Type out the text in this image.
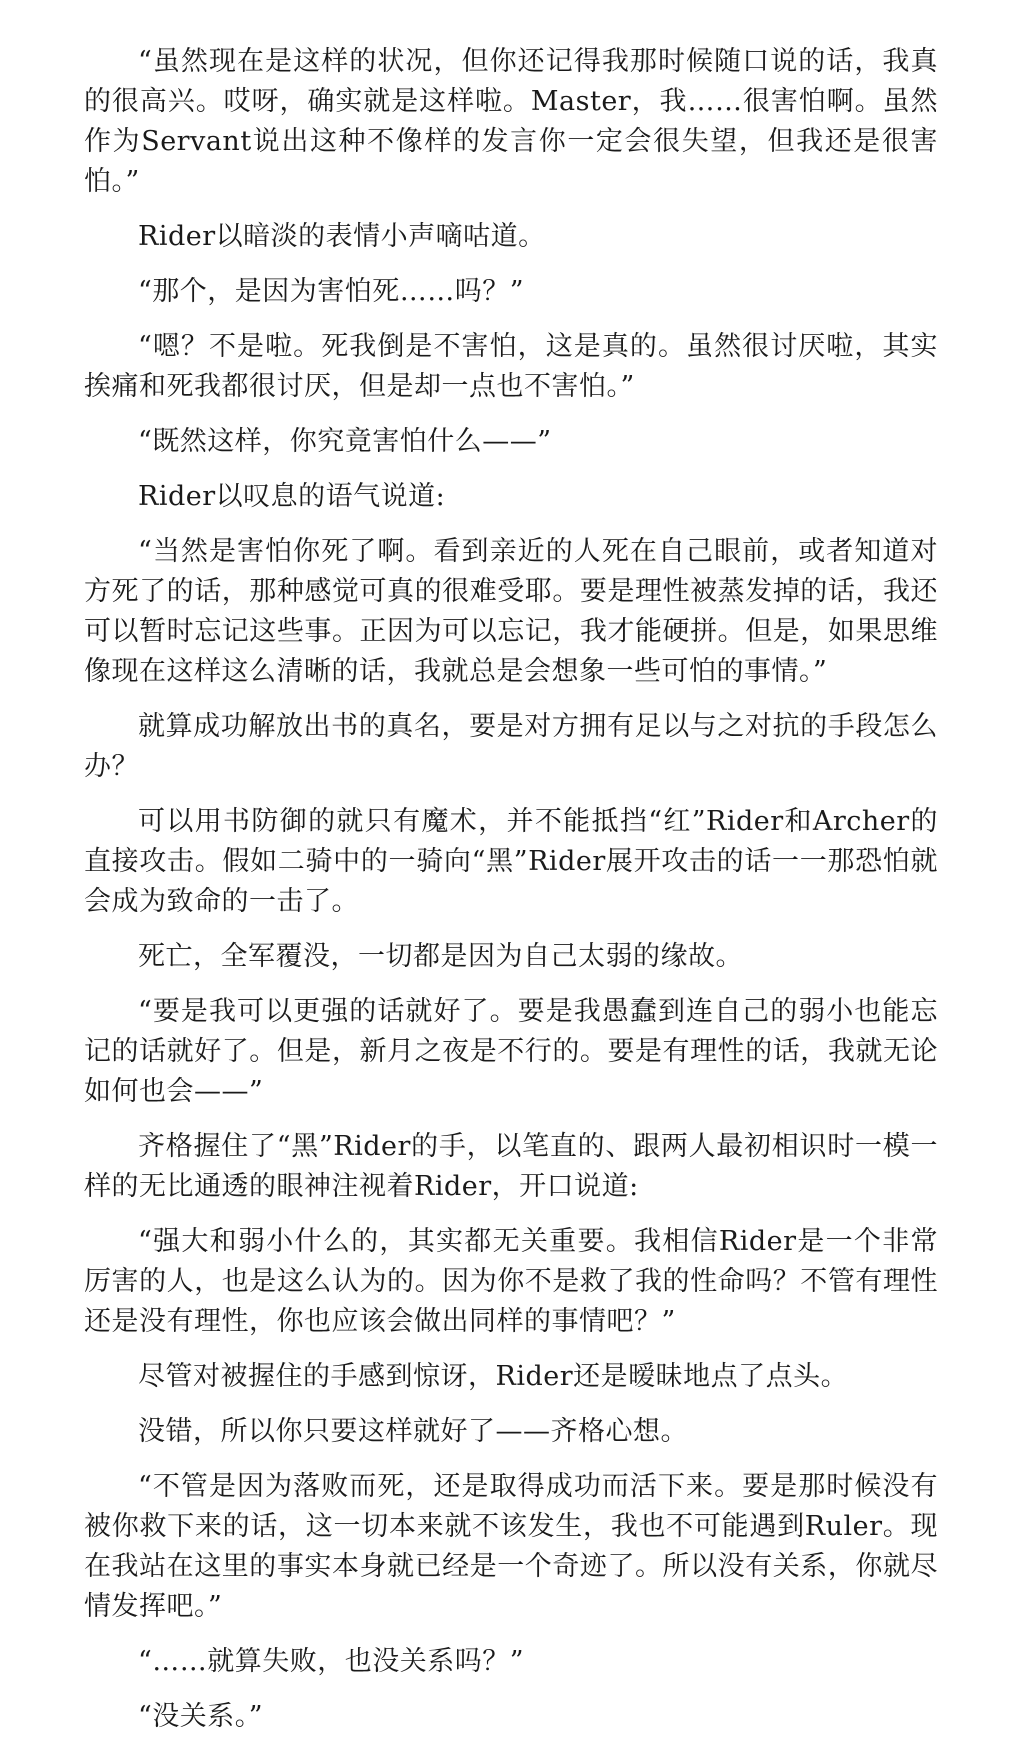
“虽然现在是这样的状况，但你还记得我那时候随口说的话，我真的很高兴。哎呀，确实就是这样啦。Master，我……很害怕啊。虽然作为Servant说出这种不像样的发言你一定会很失望，但我还是很害怕。”

Rider以暗淡的表情小声嘀咕道。

“那个，是因为害怕死……吗？”

“嗯？不是啦。死我倒是不害怕，这是真的。虽然很讨厌啦，其实挨痛和死我都很讨厌，但是却一点也不害怕。”

“既然这样，你究竟害怕什么——”

Rider以叹息的语气说道:

“当然是害怕你死了啊。看到亲近的人死在自己眼前，或者知道对方死了的话，那种感觉可真的很难受耶。要是理性被蒸发掉的话，我还可以暂时忘记这些事。正因为可以忘记，我才能硬拼。但是，如果思维像现在这样这么清晰的话，我就总是会想象一些可怕的事情。”

就算成功解放出书的真名，要是对方拥有足以与之对抗的手段怎么办？

可以用书防御的就只有魔术，并不能抵挡“红”Rider和Archer的直接攻击。假如二骑中的一骑向“黑”Rider展开攻击的话一一那恐怕就会成为致命的一击了。

死亡，全军覆没，一切都是因为自己太弱的缘故。

“要是我可以更强的话就好了。要是我愚蠢到连自己的弱小也能忘记的话就好了。但是，新月之夜是不行的。要是有理性的话，我就无论如何也会——”

齐格握住了“黑”Rider的手，以笔直的、跟两人最初相识时一模一样的无比通透的眼神注视着Rider，开口说道:

“强大和弱小什么的，其实都无关重要。我相信Rider是一个非常厉害的人，也是这么认为的。因为你不是救了我的性命吗？不管有理性还是没有理性，你也应该会做出同样的事情吧？”

尽管对被握住的手感到惊讶，Rider还是暧昧地点了点头。

没错，所以你只要这样就好了——齐格心想。

“不管是因为落败而死，还是取得成功而活下来。要是那时候没有被你救下来的话，这一切本来就不该发生，我也不可能遇到Ruler。现在我站在这里的事实本身就已经是一个奇迹了。所以没有关系，你就尽情发挥吧。”

“……就算失败，也没关系吗？”

“没关系。”
